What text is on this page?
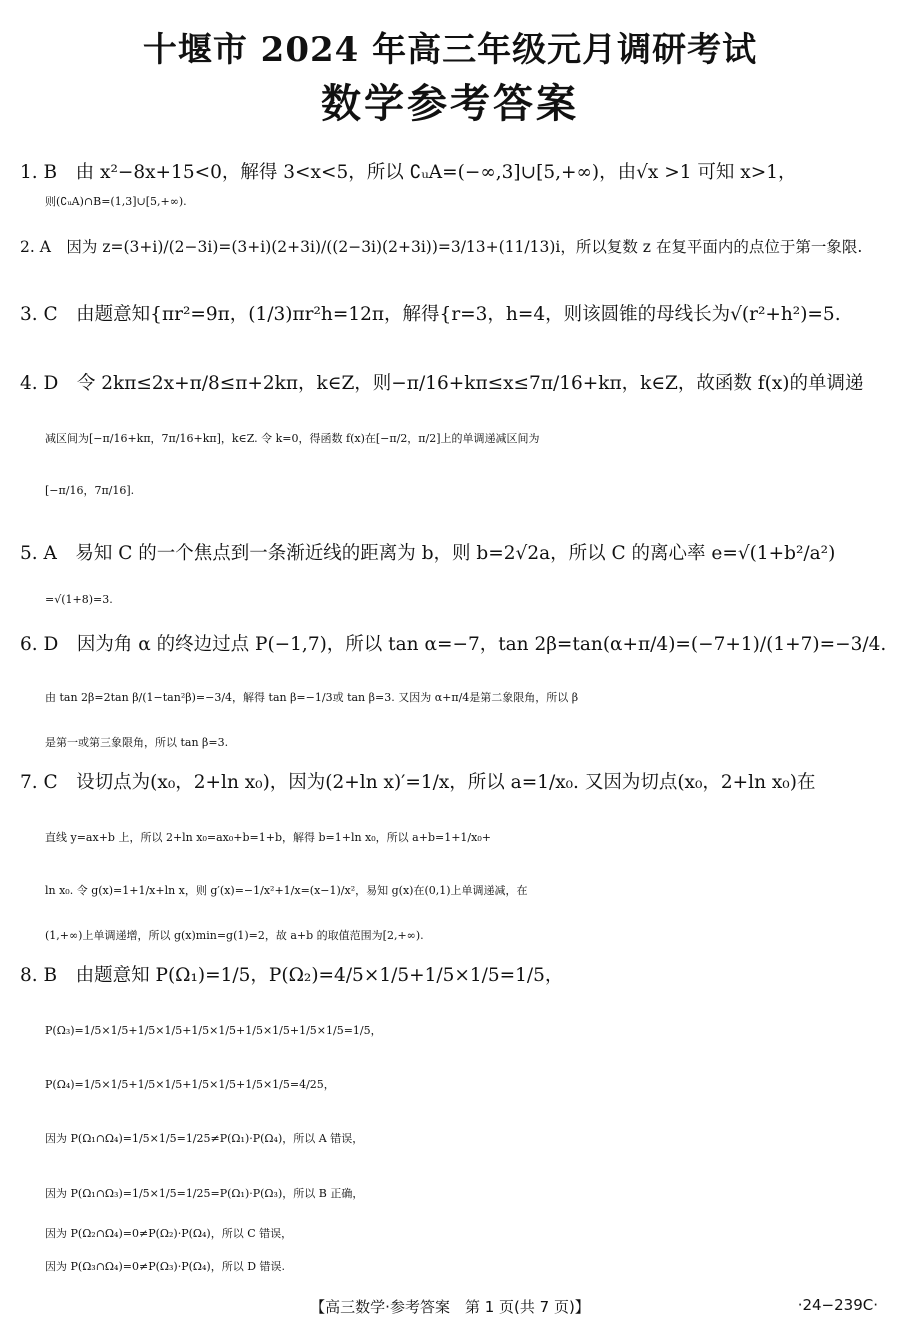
十堰市 2024 年高三年级元月调研考试
数学参考答案
1. B　由 x²−8x+15<0，解得 3<x<5，所以 ∁ᵤA=(−∞,3]∪[5,+∞)，由√x >1 可知 x>1，
则(∁ᵤA)∩B=(1,3]∪[5,+∞).
2. A　因为 z=(3+i)/(2−3i)=(3+i)(2+3i)/((2−3i)(2+3i))=3/13+(11/13)i，所以复数 z 在复平面内的点位于第一象限.
3. C　由题意知{πr²=9π，(1/3)πr²h=12π，解得{r=3，h=4，则该圆锥的母线长为√(r²+h²)=5.
4. D　令 2kπ≤2x+π/8≤π+2kπ，k∈Z，则−π/16+kπ≤x≤7π/16+kπ，k∈Z，故函数 f(x)的单调递
减区间为[−π/16+kπ，7π/16+kπ]，k∈Z. 令 k=0，得函数 f(x)在[−π/2，π/2]上的单调递减区间为
[−π/16，7π/16].
5. A　易知 C 的一个焦点到一条渐近线的距离为 b，则 b=2√2a，所以 C 的离心率 e=√(1+b²/a²)
=√(1+8)=3.
6. D　因为角 α 的终边过点 P(−1,7)，所以 tan α=−7，tan 2β=tan(α+π/4)=(−7+1)/(1+7)=−3/4.
由 tan 2β=2tan β/(1−tan²β)=−3/4，解得 tan β=−1/3或 tan β=3. 又因为 α+π/4是第二象限角，所以 β
是第一或第三象限角，所以 tan β=3.
7. C　设切点为(x₀，2+ln x₀)，因为(2+ln x)′=1/x，所以 a=1/x₀. 又因为切点(x₀，2+ln x₀)在
直线 y=ax+b 上，所以 2+ln x₀=ax₀+b=1+b，解得 b=1+ln x₀，所以 a+b=1+1/x₀+
ln x₀. 令 g(x)=1+1/x+ln x，则 g′(x)=−1/x²+1/x=(x−1)/x²，易知 g(x)在(0,1)上单调递减，在
(1,+∞)上单调递增，所以 g(x)min=g(1)=2，故 a+b 的取值范围为[2,+∞).
8. B　由题意知 P(Ω₁)=1/5，P(Ω₂)=4/5×1/5+1/5×1/5=1/5，
P(Ω₃)=1/5×1/5+1/5×1/5+1/5×1/5+1/5×1/5+1/5×1/5=1/5，
P(Ω₄)=1/5×1/5+1/5×1/5+1/5×1/5+1/5×1/5=4/25，
因为 P(Ω₁∩Ω₄)=1/5×1/5=1/25≠P(Ω₁)·P(Ω₄)，所以 A 错误，
因为 P(Ω₁∩Ω₃)=1/5×1/5=1/25=P(Ω₁)·P(Ω₃)，所以 B 正确，
因为 P(Ω₂∩Ω₄)=0≠P(Ω₂)·P(Ω₄)，所以 C 错误，
因为 P(Ω₃∩Ω₄)=0≠P(Ω₃)·P(Ω₄)，所以 D 错误.
【高三数学·参考答案　第 1 页(共 7 页)】	·24−239C·
